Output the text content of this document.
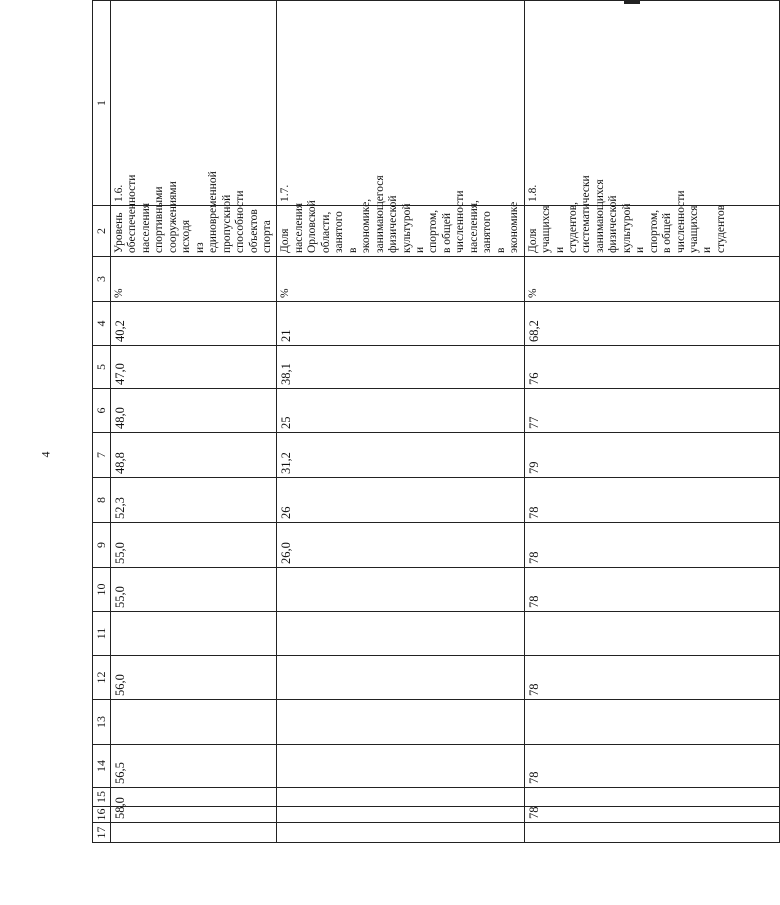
4
17	16	15	14	13	12	11	10	9	8	7	6	5	4	3	2	1
	58,0		56,5		56,0		55,0	55,0	52,3	48,8	48,0	47,0	40,2	%	Уровень обеспеченности населения спортивными сооружениями исходя из единовременной пропускной способности объектов спорта	1.6.
								26,0	26	31,2	25	38,1	21	%	Доля населения Орловской области, занятого в экономике, занимающегося физической культурой и спортом, в общей численности населения, занятого в экономике	1.7.
	78		78		78		78	78	78	79	77	76	68,2	%	Доля учащихся и студентов, систематически занимающихся физической культурой и спортом, в общей численности учащихся и студентов	1.8.
